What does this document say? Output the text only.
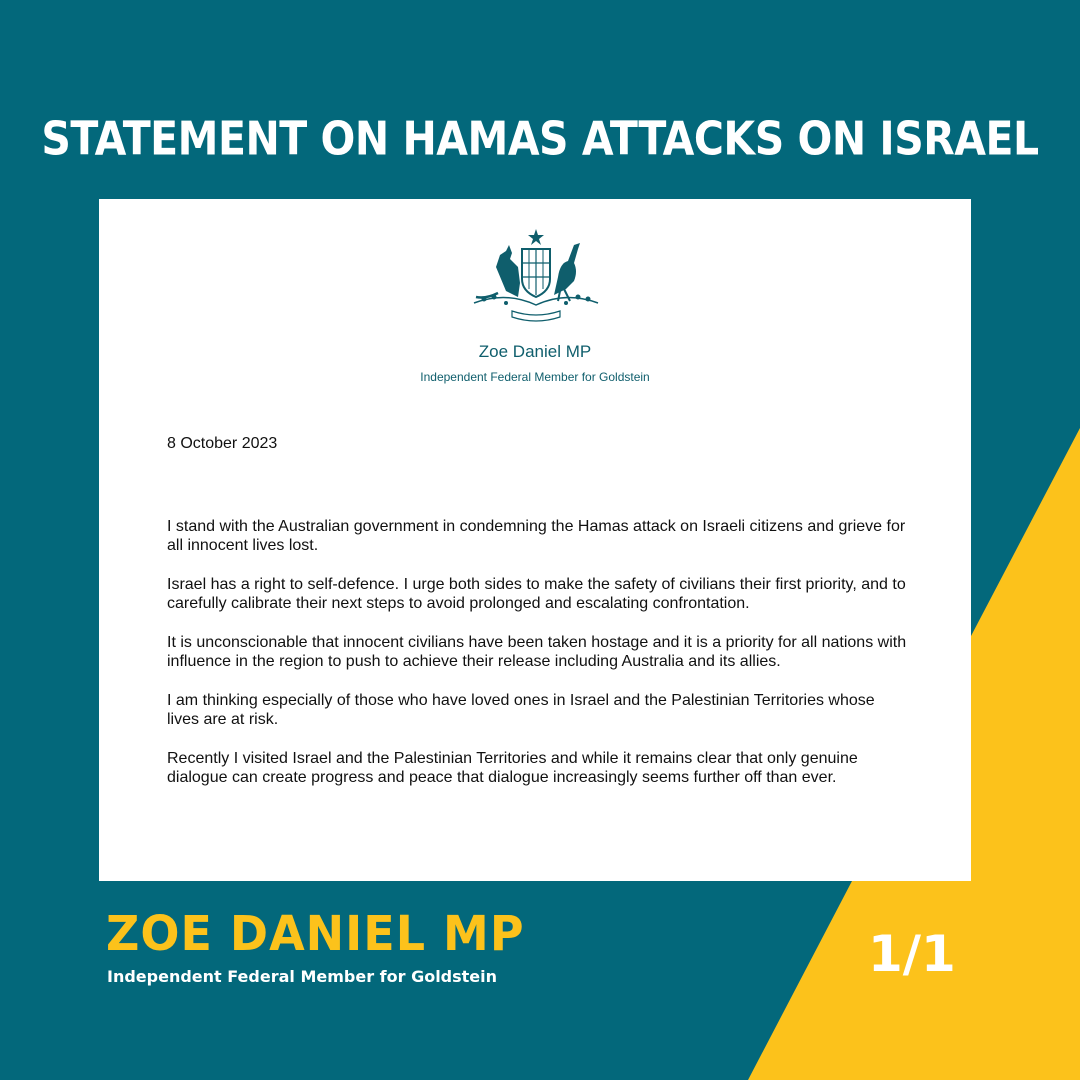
STATEMENT ON HAMAS ATTACKS ON ISRAEL
Zoe Daniel MP
Independent Federal Member for Goldstein
8 October 2023

I stand with the Australian government in condemning the Hamas attack on Israeli citizens and grieve for all innocent lives lost.

Israel has a right to self-defence. I urge both sides to make the safety of civilians their first priority, and to carefully calibrate their next steps to avoid prolonged and escalating confrontation.

It is unconscionable that innocent civilians have been taken hostage and it is a priority for all nations with influence in the region to push to achieve their release including Australia and its allies.

I am thinking especially of those who have loved ones in Israel and the Palestinian Territories whose lives are at risk.

Recently I visited Israel and the Palestinian Territories and while it remains clear that only genuine dialogue can create progress and peace that dialogue increasingly seems further off than ever.

ZOE DANIEL MP
Independent Federal Member for Goldstein	1/1
